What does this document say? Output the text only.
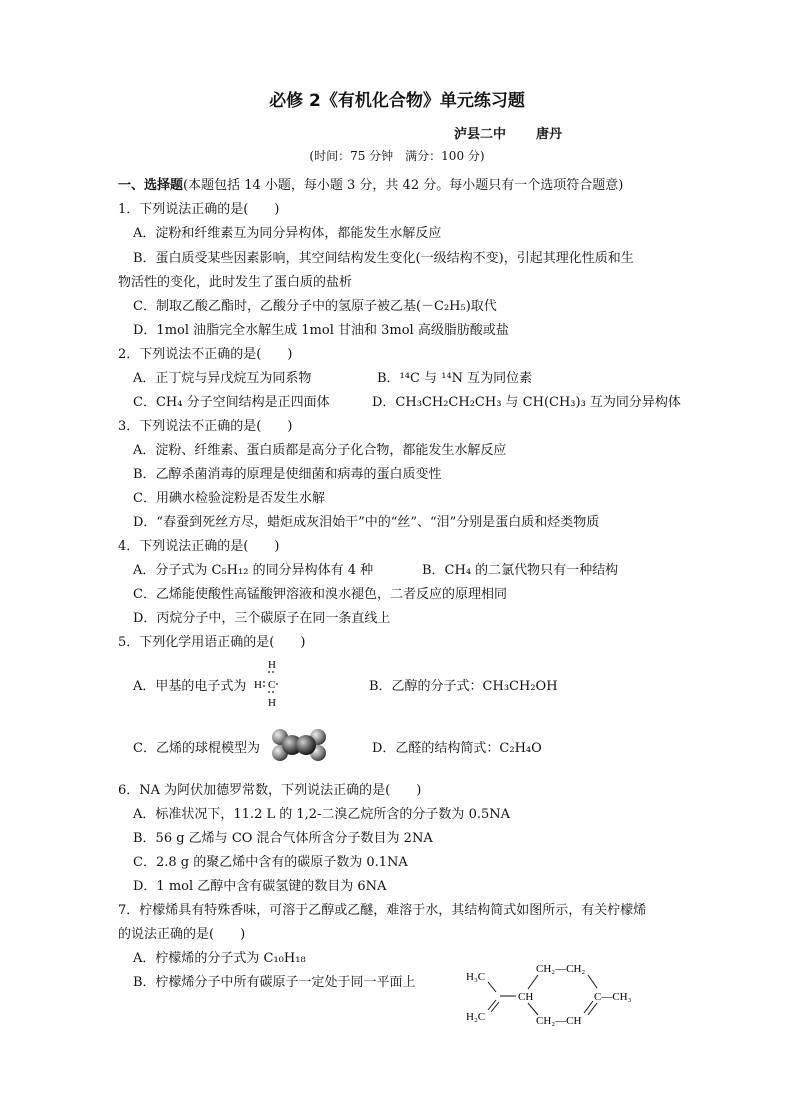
必修 2《有机化合物》单元练习题
泸县二中 唐丹
(时间：75 分钟　满分：100 分)
一、选择题(本题包括 14 小题，每小题 3 分，共 42 分。每小题只有一个选项符合题意)
1．下列说法正确的是(　　)
A．淀粉和纤维素互为同分异构体，都能发生水解反应
B．蛋白质受某些因素影响，其空间结构发生变化(一级结构不变)，引起其理化性质和生
物活性的变化，此时发生了蛋白质的盐析
C．制取乙酸乙酯时，乙酸分子中的氢原子被乙基(－C₂H₅)取代
D．1mol 油脂完全水解生成 1mol 甘油和 3mol 高级脂肪酸或盐
2．下列说法不正确的是(　　)
A．正丁烷与异戊烷互为同系物	B．¹⁴C 与 ¹⁴N 互为同位素
C．CH₄ 分子空间结构是正四面体	D．CH₃CH₂CH₂CH₃ 与 CH(CH₃)₃ 互为同分异构体
3．下列说法不正确的是(　　)
A．淀粉、纤维素、蛋白质都是高分子化合物，都能发生水解反应
B．乙醇杀菌消毒的原理是使细菌和病毒的蛋白质变性
C．用碘水检验淀粉是否发生水解
D．“春蚕到死丝方尽，蜡炬成灰泪始干”中的“丝”、“泪”分别是蛋白质和烃类物质
4．下列说法正确的是(　　)
A．分子式为 C₅H₁₂ 的同分异构体有 4 种	B．CH₄ 的二氯代物只有一种结构
C．乙烯能使酸性高锰酸钾溶液和溴水褪色，二者反应的原理相同
D．丙烷分子中，三个碳原子在同一条直线上
5．下列化学用语正确的是(　　)
A．甲基的电子式为
H
C
H
H
B．乙醇的分子式：CH₃CH₂OH
C．乙烯的球棍模型为	D．乙醛的结构简式：C₂H₄O
6．NA 为阿伏加德罗常数，下列说法正确的是(　　)
A．标准状况下，11.2 L 的 1,2-二溴乙烷所含的分子数为 0.5NA
B．56 g 乙烯与 CO 混合气体所含分子数目为 2NA
C．2.8 g 的聚乙烯中含有的碳原子数为 0.1NA
D．1 mol 乙醇中含有碳氢键的数目为 6NA
7．柠檬烯具有特殊香味，可溶于乙醇或乙醚，难溶于水，其结构简式如图所示，有关柠檬烯
的说法正确的是(　　)
A．柠檬烯的分子式为 C₁₀H₁₈
B．柠檬烯分子中所有碳原子一定处于同一平面上	H₃C
H₂C
CH
CH₂—CH₂
CH₂—CH
C—CH₃
